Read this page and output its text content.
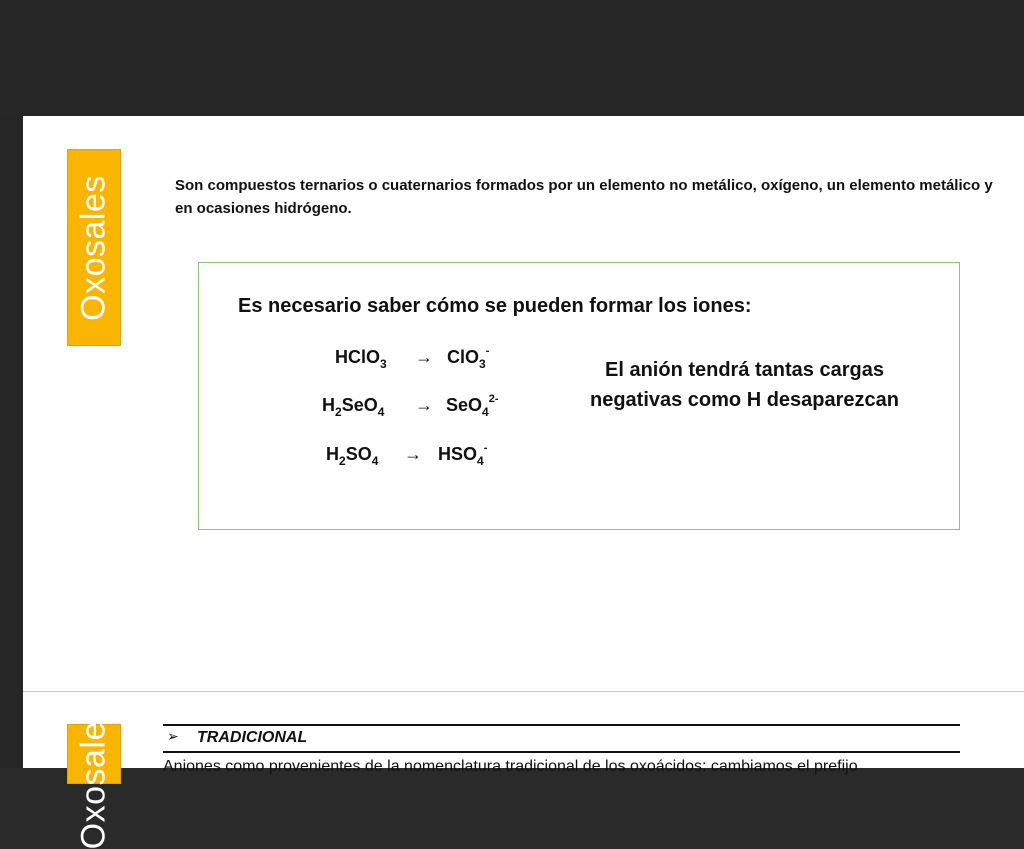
Oxosales	Son compuestos ternarios o cuaternarios formados por un elemento no metálico, oxígeno, un elemento metálico y en ocasiones hidrógeno.
Es necesario saber cómo se pueden formar los iones:
HClO$_3$ → ClO$_3$-
$H_2SeO_4 \to SeO_4^{2-}$
$H_2SO_4 \to HSO_4^-$
El anión tendrá tantas cargas negativas como H desaparezcan
Oxosales	➢ TRADICIONAL
Aniones como provenientes de la nomenclatura tradicional de los oxoácidos: cambiamos el prefijo
